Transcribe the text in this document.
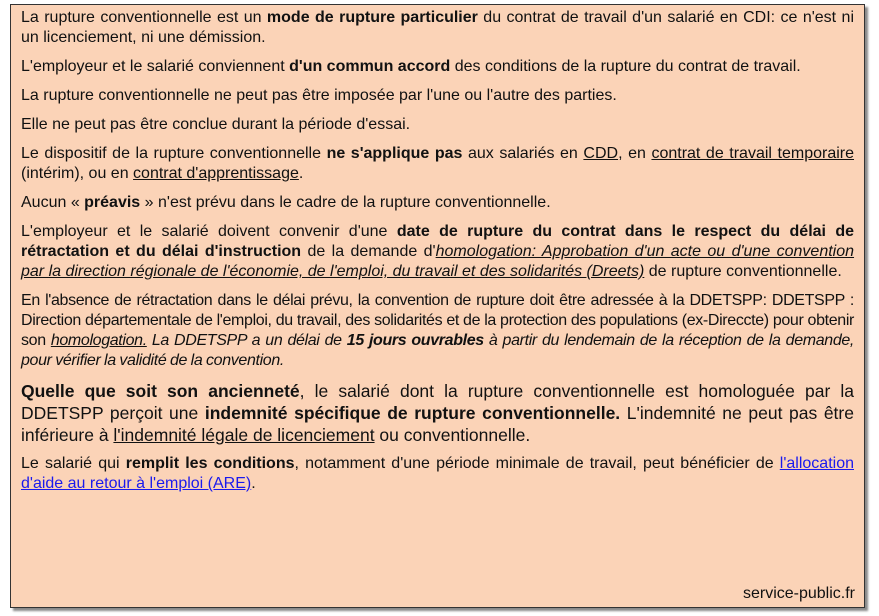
La rupture conventionnelle est un mode de rupture particulier du contrat de travail d'un salarié en CDI: ce n'est ni un licenciement, ni une démission.

L'employeur et le salarié conviennent d'un commun accord des conditions de la rupture du contrat de travail.

La rupture conventionnelle ne peut pas être imposée par l'une ou l'autre des parties.

Elle ne peut pas être conclue durant la période d'essai.

Le dispositif de la rupture conventionnelle ne s'applique pas aux salariés en CDD, en contrat de travail temporaire (intérim), ou en contrat d'apprentissage.

Aucun « préavis » n'est prévu dans le cadre de la rupture conventionnelle.

L'employeur et le salarié doivent convenir d'une date de rupture du contrat dans le respect du délai de rétractation et du délai d'instruction de la demande d'homologation: Approbation d'un acte ou d'une convention par la direction régionale de l'économie, de l'emploi, du travail et des solidarités (Dreets) de rupture conventionnelle.

En l'absence de rétractation dans le délai prévu, la convention de rupture doit être adressée à la DDETSPP: DDETSPP : Direction départementale de l'emploi, du travail, des solidarités et de la protection des populations (ex-Direccte) pour obtenir son homologation. La DDETSPP a un délai de 15 jours ouvrables à partir du lendemain de la réception de la demande, pour vérifier la validité de la convention.

Quelle que soit son ancienneté, le salarié dont la rupture conventionnelle est homologuée par la DDETSPP perçoit une indemnité spécifique de rupture conventionnelle. L'indemnité ne peut pas être inférieure à l'indemnité légale de licenciement ou conventionnelle.

Le salarié qui remplit les conditions, notamment d'une période minimale de travail, peut bénéficier de l'allocation d'aide au retour à l'emploi (ARE).

service-public.fr
